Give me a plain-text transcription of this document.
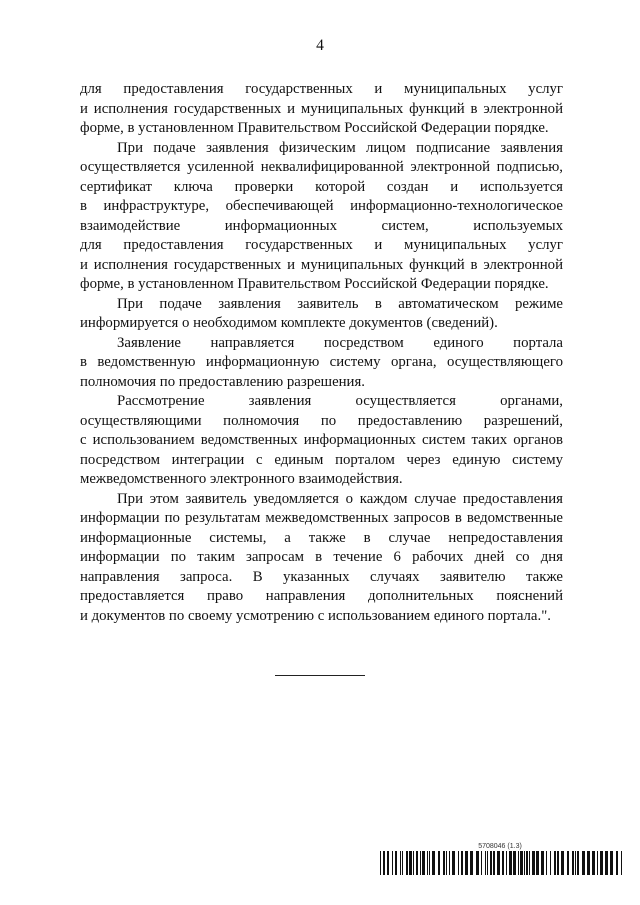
4
для предоставления государственных и муниципальных услуг
и исполнения государственных и муниципальных функций в электронной
форме, в установленном Правительством Российской Федерации порядке.
При подаче заявления физическим лицом подписание заявления
осуществляется усиленной неквалифицированной электронной подписью,
сертификат ключа проверки которой создан и используется
в инфраструктуре, обеспечивающей информационно-технологическое
взаимодействие информационных систем, используемых
для предоставления государственных и муниципальных услуг
и исполнения государственных и муниципальных функций в электронной
форме, в установленном Правительством Российской Федерации порядке.
При подаче заявления заявитель в автоматическом режиме
информируется о необходимом комплекте документов (сведений).
Заявление направляется посредством единого портала
в ведомственную информационную систему органа, осуществляющего
полномочия по предоставлению разрешения.
Рассмотрение заявления осуществляется органами,
осуществляющими полномочия по предоставлению разрешений,
с использованием ведомственных информационных систем таких органов
посредством интеграции с единым порталом через единую систему
межведомственного электронного взаимодействия.
При этом заявитель уведомляется о каждом случае предоставления
информации по результатам межведомственных запросов в ведомственные
информационные системы, а также в случае непредоставления
информации по таким запросам в течение 6 рабочих дней со дня
направления запроса. В указанных случаях заявителю также
предоставляется право направления дополнительных пояснений
и документов по своему усмотрению с использованием единого портала.".
5708046 (1.3)
